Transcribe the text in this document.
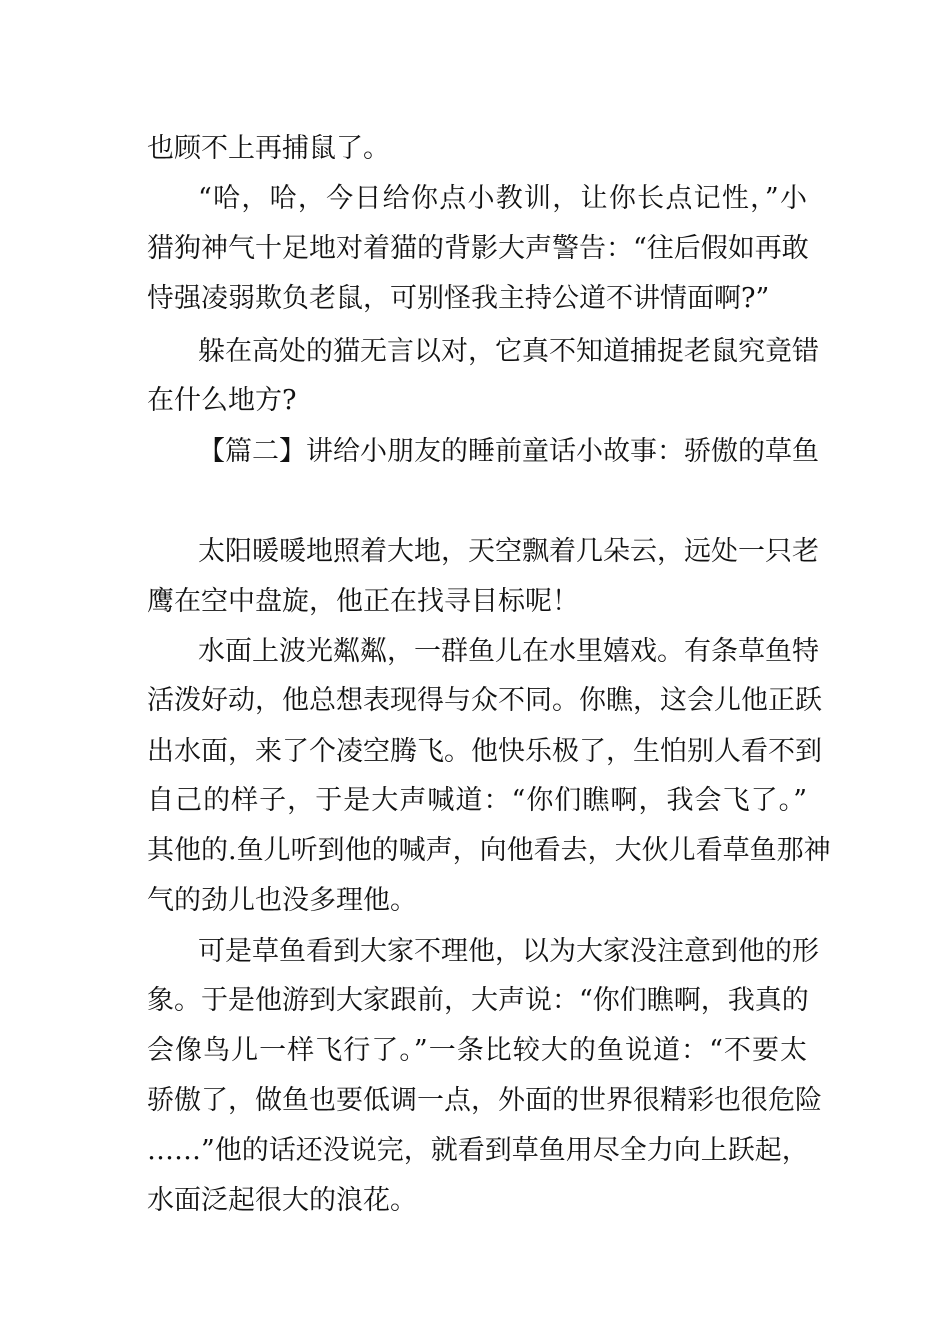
也顾不上再捕鼠了。
“哈，哈，今日给你点小教训，让你长点记性，”小
猎狗神气十足地对着猫的背影大声警告：“往后假如再敢
恃强凌弱欺负老鼠，可别怪我主持公道不讲情面啊?”
躲在高处的猫无言以对，它真不知道捕捉老鼠究竟错
在什么地方?
【篇二】讲给小朋友的睡前童话小故事：骄傲的草鱼
太阳暖暖地照着大地，天空飘着几朵云，远处一只老
鹰在空中盘旋，他正在找寻目标呢！
水面上波光粼粼，一群鱼儿在水里嬉戏。有条草鱼特
活泼好动，他总想表现得与众不同。你瞧，这会儿他正跃
出水面，来了个凌空腾飞。他快乐极了，生怕别人看不到
自己的样子，于是大声喊道：“你们瞧啊，我会飞了。”
其他的.鱼儿听到他的喊声，向他看去，大伙儿看草鱼那神
气的劲儿也没多理他。
可是草鱼看到大家不理他，以为大家没注意到他的形
象。于是他游到大家跟前，大声说：“你们瞧啊，我真的
会像鸟儿一样飞行了。”一条比较大的鱼说道：“不要太
骄傲了，做鱼也要低调一点，外面的世界很精彩也很危险
……”他的话还没说完，就看到草鱼用尽全力向上跃起，
水面泛起很大的浪花。
